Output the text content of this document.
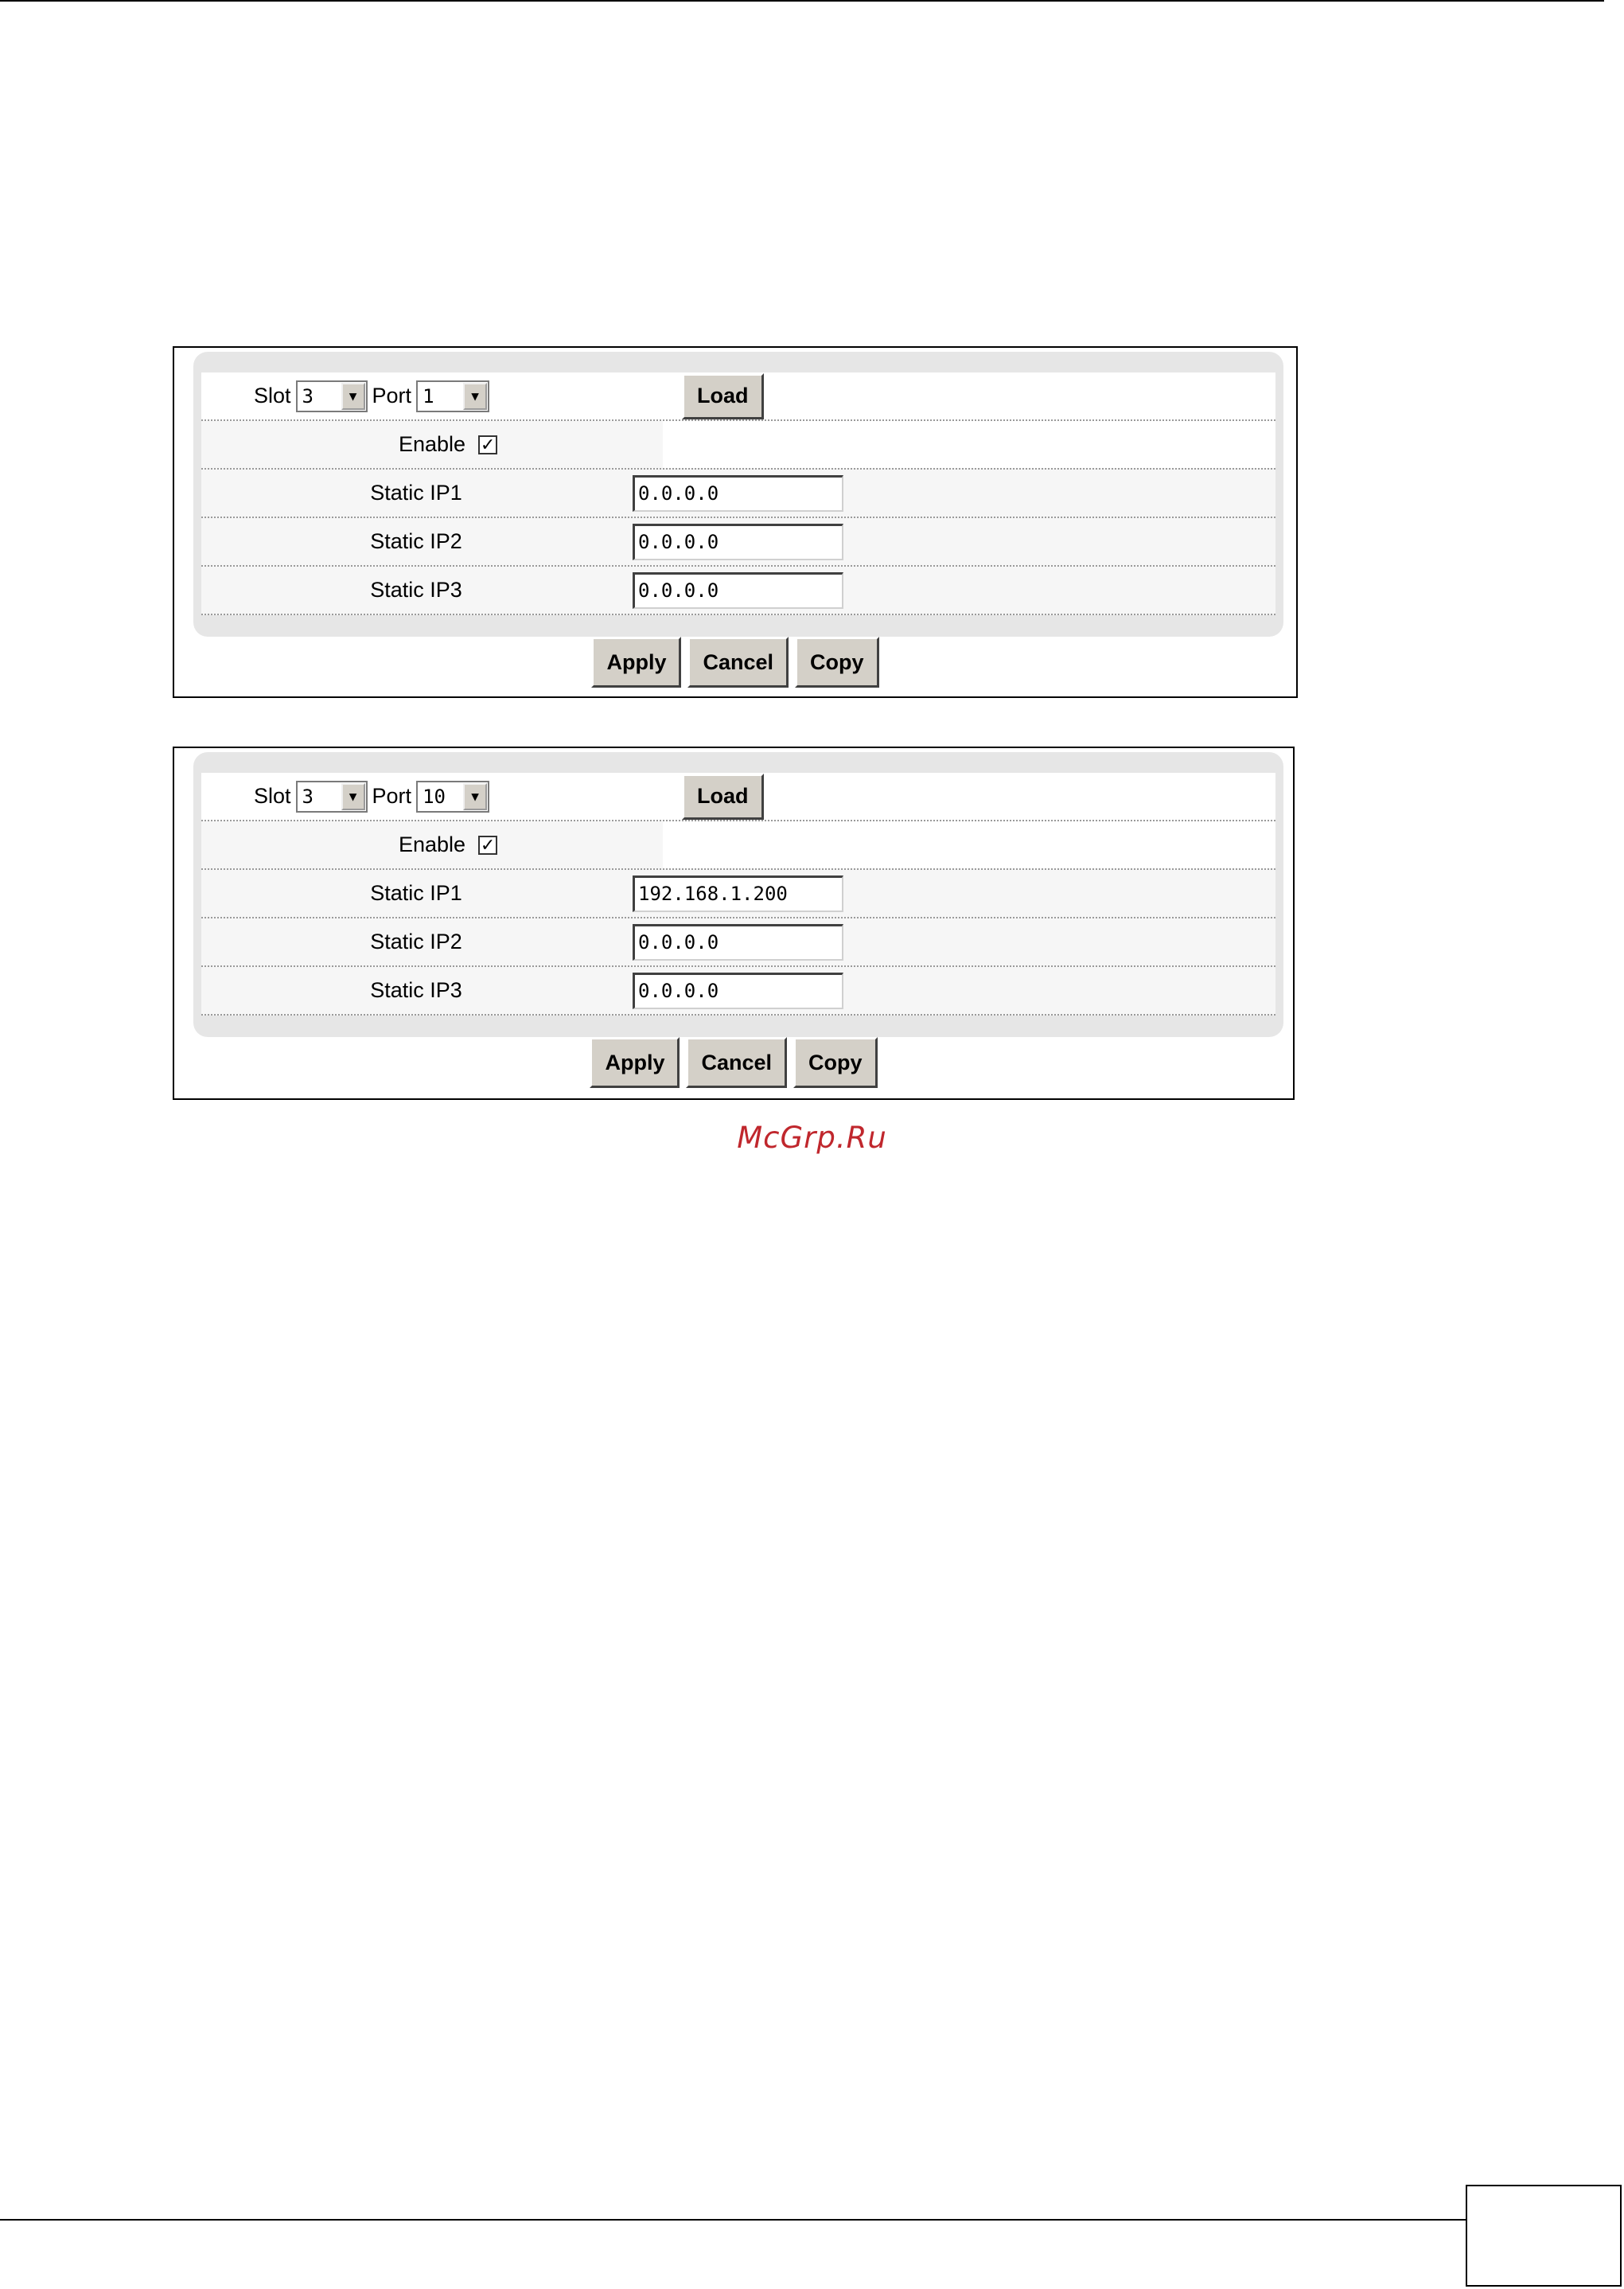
Slot 3	▼ Port 1	▼	Load
Enable ✓
Static IP1	0.0.0.0
Static IP2	0.0.0.0
Static IP3	0.0.0.0
Apply	Cancel	Copy
Slot 3	▼ Port 10	▼	Load
Enable ✓
Static IP1	192.168.1.200
Static IP2	0.0.0.0
Static IP3	0.0.0.0
Apply	Cancel	Copy
McGrp.Ru
